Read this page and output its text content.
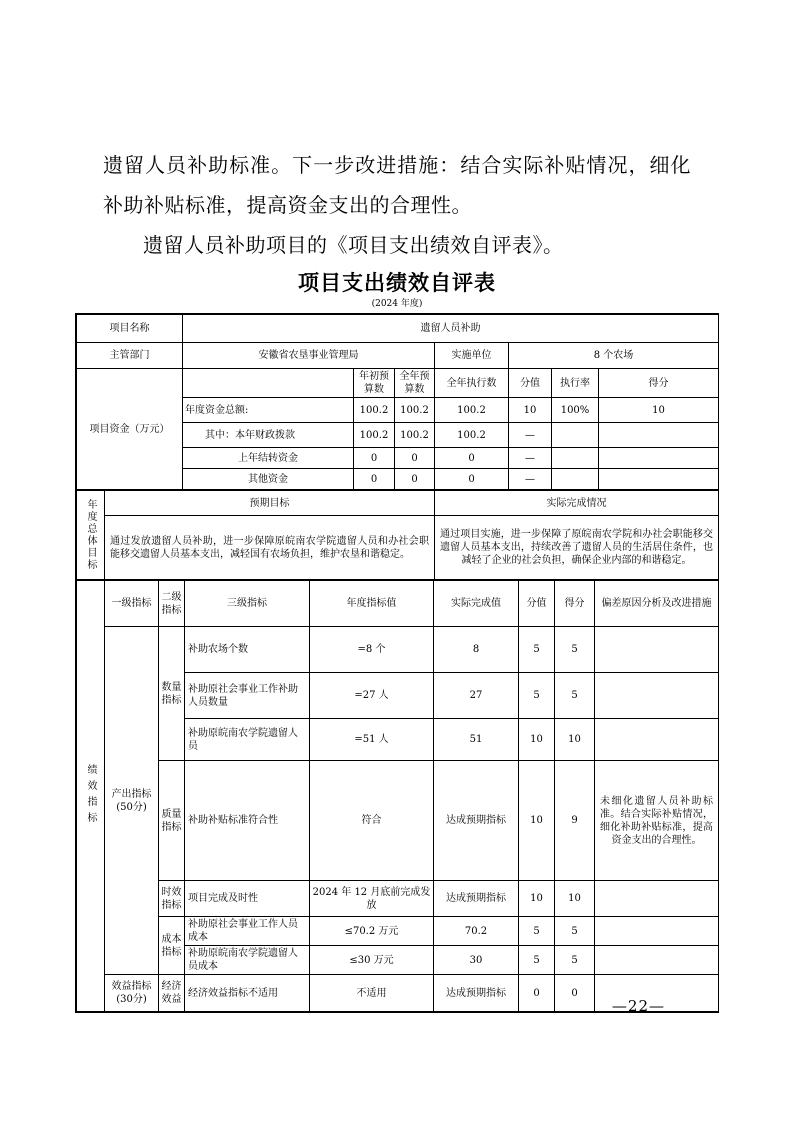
遗留人员补助标准。下一步改进措施：结合实际补贴情况，细化补助补贴标准，提高资金支出的合理性。

遗留人员补助项目的《项目支出绩效自评表》。

项目支出绩效自评表
(2024 年度)
项目名称	遗留人员补助						
主管部门	安徽省农垦事业管理局			实施单位	8 个农场		
项目资金（万元）		年初预算数	全年预算数	全年执行数	分值	执行率	得分
	年度资金总额:	100.2	100.2	100.2	10	100%	10
	其中：本年财政拨款	100.2	100.2	100.2	—		
	上年结转资金	0	0	0	—		
	其他资金	0	0	0	—		
年度总体目标	预期目标	实际完成情况
	通过发放遗留人员补助，进一步保障原皖南农学院遗留人员和办社会职能移交遗留人员基本支出，减轻国有农场负担，维护农垦和谐稳定。	通过项目实施，进一步保障了原皖南农学院和办社会职能移交遗留人员基本支出，持续改善了遗留人员的生活居住条件，也减轻了企业的社会负担，确保企业内部的和谐稳定。
绩效指标	一级指标	二级指标	三级指标	年度指标值	实际完成值	分值	得分	偏差原因分析及改进措施
	产出指标(50分)	数量指标	补助农场个数	=8 个	8	5	5	
			补助原社会事业工作补助人员数量	=27 人	27	5	5	
			补助原皖南农学院遗留人员	=51 人	51	10	10	
		质量指标	补助补贴标准符合性	符合	达成预期指标	10	9	未细化遗留人员补助标准。结合实际补贴情况，细化补助补贴标准，提高资金支出的合理性。
		时效指标	项目完成及时性	2024 年 12 月底前完成发放	达成预期指标	10	10	
		成本指标	补助原社会事业工作人员成本	≤70.2 万元	70.2	5	5	
			补助原皖南农学院遗留人员成本	≤30 万元	30	5	5	
	效益指标(30分)	经济效益	经济效益指标不适用	不适用	达成预期指标	0	0	
—22—
